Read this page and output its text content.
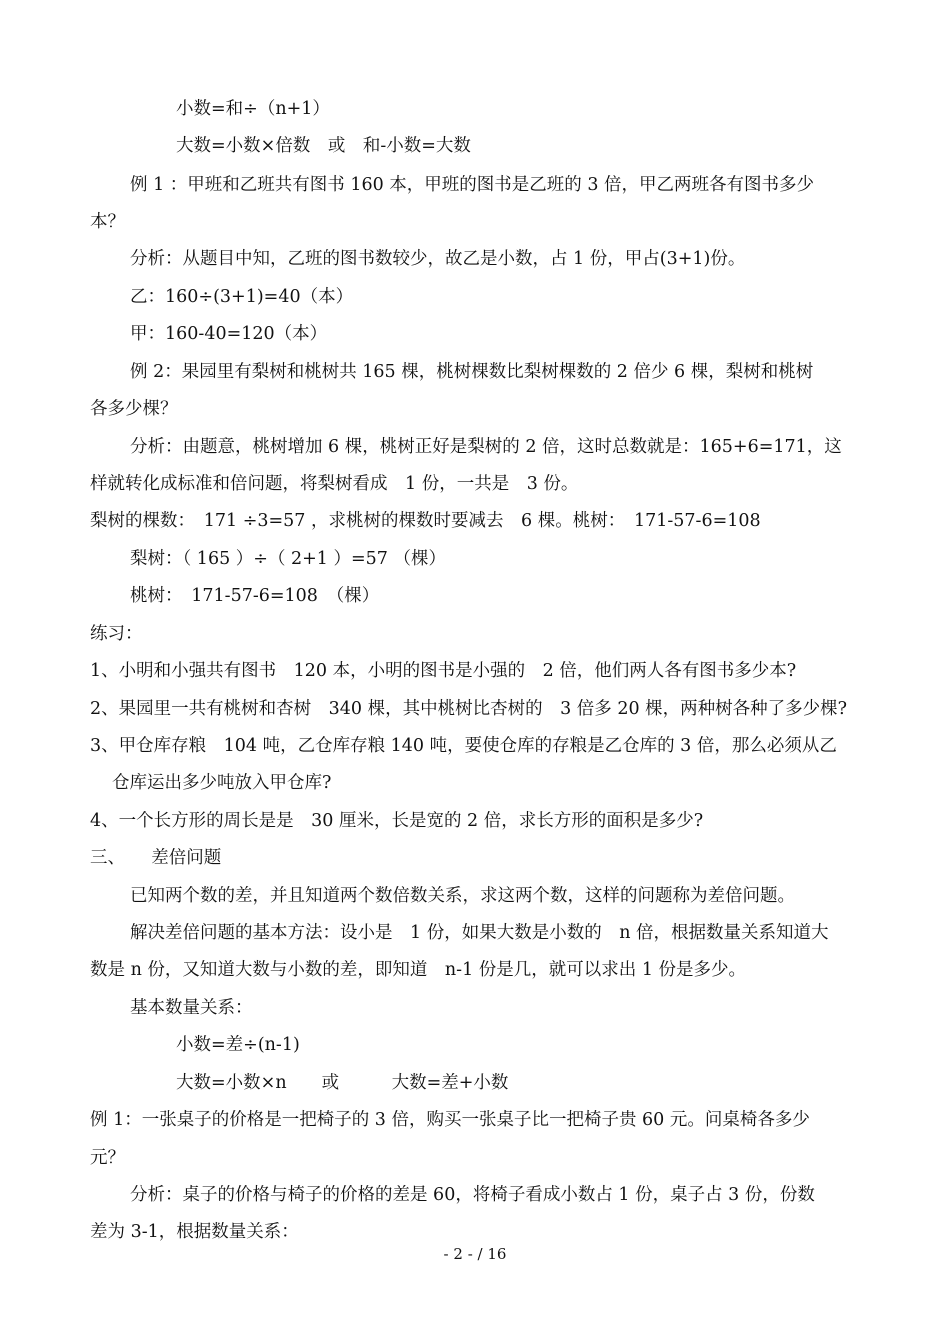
小数=和÷（n+1）
大数=小数×倍数　或　和-小数=大数
例 1 ：甲班和乙班共有图书 160 本，甲班的图书是乙班的 3 倍，甲乙两班各有图书多少
本？
分析：从题目中知，乙班的图书数较少，故乙是小数，占 1 份，甲占(3+1)份。
乙：160÷(3+1)=40（本）
甲：160-40=120（本）
例 2：果园里有梨树和桃树共 165 棵，桃树棵数比梨树棵数的 2 倍少 6 棵，梨树和桃树
各多少棵？
分析：由题意，桃树增加 6 棵，桃树正好是梨树的 2 倍，这时总数就是：165+6=171，这
样就转化成标准和倍问题，将梨树看成　1 份，一共是　3 份。
梨树的棵数：　171 ÷3=57 ，求桃树的棵数时要减去　6 棵。桃树：　171-57-6=108
梨树：（ 165 ）÷（ 2+1 ）=57 （棵）
桃树：　171-57-6=108　（棵）
练习：
1、小明和小强共有图书　120 本，小明的图书是小强的　2 倍，他们两人各有图书多少本?
2、果园里一共有桃树和杏树　340 棵，其中桃树比杏树的　3 倍多 20 棵，两种树各种了多少棵?
3、甲仓库存粮　104 吨，乙仓库存粮 140 吨，要使仓库的存粮是乙仓库的 3 倍，那么必须从乙
仓库运出多少吨放入甲仓库?
4、一个长方形的周长是是　30 厘米，长是宽的 2 倍，求长方形的面积是多少?
三、　　差倍问题
已知两个数的差，并且知道两个数倍数关系，求这两个数，这样的问题称为差倍问题。
解决差倍问题的基本方法：设小是　1 份，如果大数是小数的　n 倍，根据数量关系知道大
数是 n 份，又知道大数与小数的差，即知道　n-1 份是几，就可以求出 1 份是多少。
基本数量关系：
小数=差÷(n-1)
大数=小数×n　　或　　　大数=差+小数
例 1：一张桌子的价格是一把椅子的 3 倍，购买一张桌子比一把椅子贵 60 元。问桌椅各多少
元？
分析：桌子的价格与椅子的价格的差是 60，将椅子看成小数占 1 份，桌子占 3 份，份数
差为 3-1，根据数量关系：
- 2 - / 16
